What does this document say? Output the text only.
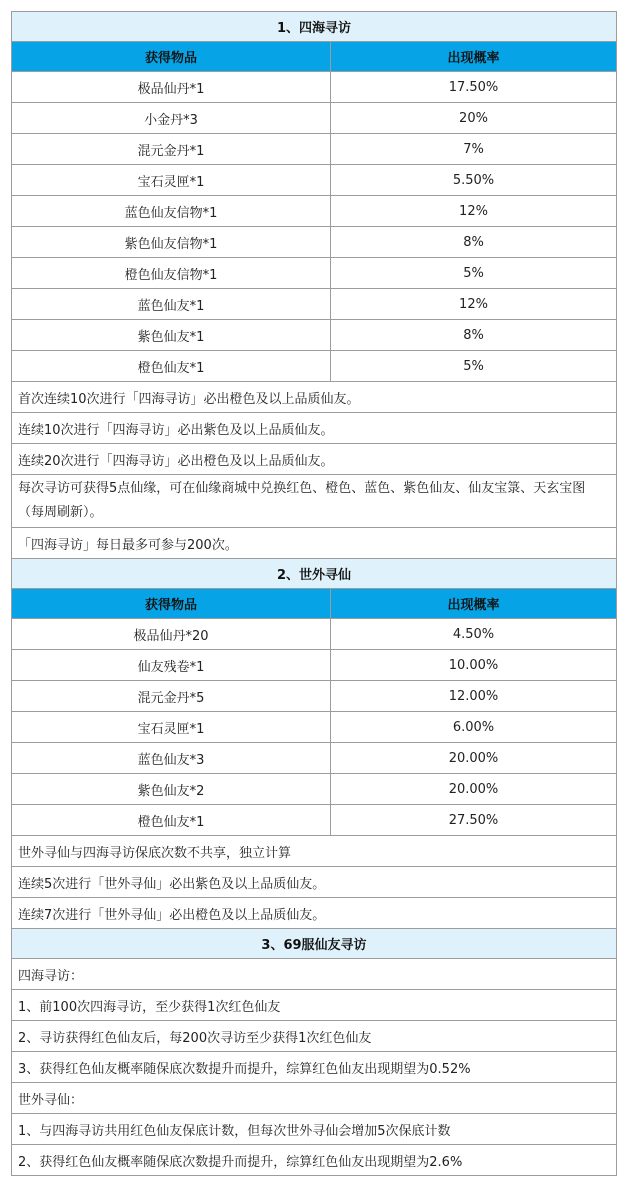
1、四海寻访	
获得物品	出现概率
极品仙丹*1	17.50%
小金丹*3	20%
混元金丹*1	7%
宝石灵匣*1	5.50%
蓝色仙友信物*1	12%
紫色仙友信物*1	8%
橙色仙友信物*1	5%
蓝色仙友*1	12%
紫色仙友*1	8%
橙色仙友*1	5%
首次连续10次进行「四海寻访」必出橙色及以上品质仙友。	
连续10次进行「四海寻访」必出紫色及以上品质仙友。	
连续20次进行「四海寻访」必出橙色及以上品质仙友。	
每次寻访可获得5点仙缘，可在仙缘商城中兑换红色、橙色、蓝色、紫色仙友、仙友宝箓、天玄宝图（每周刷新）。	
「四海寻访」每日最多可参与200次。	
2、世外寻仙	
获得物品	出现概率
极品仙丹*20	4.50%
仙友残卷*1	10.00%
混元金丹*5	12.00%
宝石灵匣*1	6.00%
蓝色仙友*3	20.00%
紫色仙友*2	20.00%
橙色仙友*1	27.50%
世外寻仙与四海寻访保底次数不共享，独立计算	
连续5次进行「世外寻仙」必出紫色及以上品质仙友。	
连续7次进行「世外寻仙」必出橙色及以上品质仙友。	
3、69服仙友寻访	
四海寻访：	
1、前100次四海寻访，至少获得1次红色仙友	
2、寻访获得红色仙友后，每200次寻访至少获得1次红色仙友	
3、获得红色仙友概率随保底次数提升而提升，综算红色仙友出现期望为0.52%	
世外寻仙：	
1、与四海寻访共用红色仙友保底计数，但每次世外寻仙会增加5次保底计数	
2、获得红色仙友概率随保底次数提升而提升，综算红色仙友出现期望为2.6%	
